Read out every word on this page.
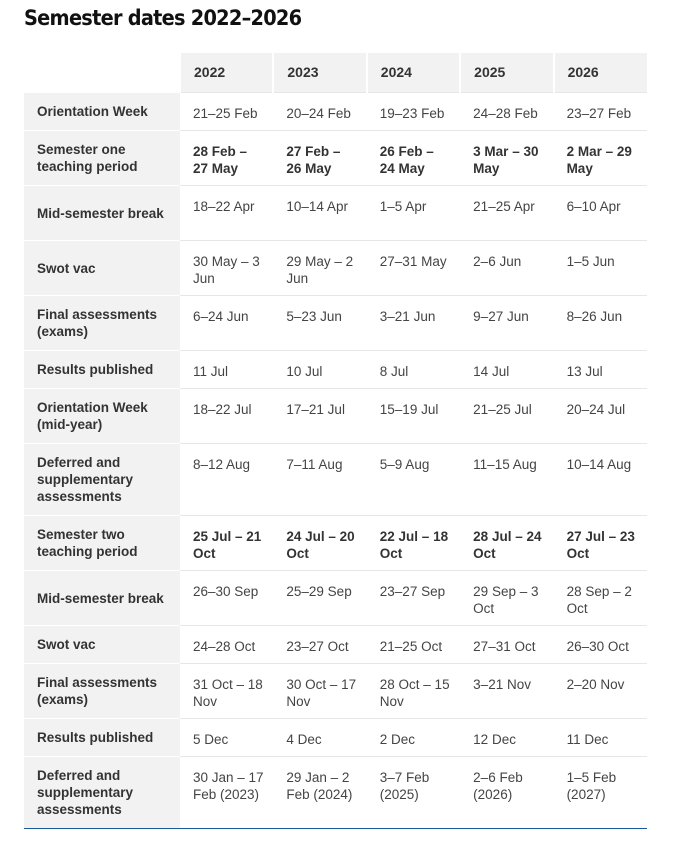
Semester dates 2022–2026
	2022	2023	2024	2025	2026
Orientation Week	21–25 Feb	20–24 Feb	19–23 Feb	24–28 Feb	23–27 Feb
Semester one teaching period	28 Feb – 27 May	27 Feb – 26 May	26 Feb – 24 May	3 Mar – 30 May	2 Mar – 29 May
Mid-semester break	18–22 Apr	10–14 Apr	1–5 Apr	21–25 Apr	6–10 Apr
Swot vac	30 May – 3 Jun	29 May – 2 Jun	27–31 May	2–6 Jun	1–5 Jun
Final assessments (exams)	6–24 Jun	5–23 Jun	3–21 Jun	9–27 Jun	8–26 Jun
Results published	11 Jul	10 Jul	8 Jul	14 Jul	13 Jul
Orientation Week (mid-year)	18–22 Jul	17–21 Jul	15–19 Jul	21–25 Jul	20–24 Jul
Deferred and supplementary assessments	8–12 Aug	7–11 Aug	5–9 Aug	11–15 Aug	10–14 Aug
Semester two teaching period	25 Jul – 21 Oct	24 Jul – 20 Oct	22 Jul – 18 Oct	28 Jul – 24 Oct	27 Jul – 23 Oct
Mid-semester break	26–30 Sep	25–29 Sep	23–27 Sep	29 Sep – 3 Oct	28 Sep – 2 Oct
Swot vac	24–28 Oct	23–27 Oct	21–25 Oct	27–31 Oct	26–30 Oct
Final assessments (exams)	31 Oct – 18 Nov	30 Oct – 17 Nov	28 Oct – 15 Nov	3–21 Nov	2–20 Nov
Results published	5 Dec	4 Dec	2 Dec	12 Dec	11 Dec
Deferred and supplementary assessments	30 Jan – 17 Feb (2023)	29 Jan – 2 Feb (2024)	3–7 Feb (2025)	2–6 Feb (2026)	1–5 Feb (2027)
